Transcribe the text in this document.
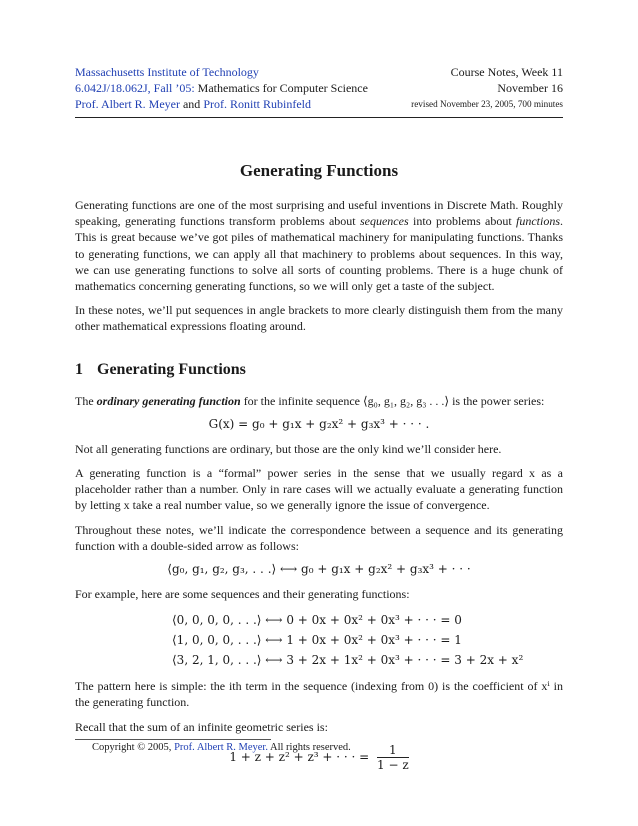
Massachusetts Institute of Technology
6.042J/18.062J, Fall ’05: Mathematics for Computer Science
Prof. Albert R. Meyer and Prof. Ronitt Rubinfeld
Course Notes, Week 11
November 16
revised November 23, 2005, 700 minutes
Generating Functions

Generating functions are one of the most surprising and useful inventions in Discrete Math. Roughly speaking, generating functions transform problems about sequences into problems about functions. This is great because we’ve got piles of mathematical machinery for manipulating functions. Thanks to generating functions, we can apply all that machinery to problems about sequences. In this way, we can use generating functions to solve all sorts of counting problems. There is a huge chunk of mathematics concerning generating functions, so we will only get a taste of the subject.

In these notes, we’ll put sequences in angle brackets to more clearly distinguish them from the many other mathematical expressions floating around.

1 Generating Functions

The ordinary generating function for the infinite sequence ⟨g₀, g₁, g₂, g₃ . . .⟩ is the power series:

G(x) = g₀ + g₁x + g₂x² + g₃x³ + · · · .

Not all generating functions are ordinary, but those are the only kind we’ll consider here.

A generating function is a “formal” power series in the sense that we usually regard x as a placeholder rather than a number. Only in rare cases will we actually evaluate a generating function by letting x take a real number value, so we generally ignore the issue of convergence.

Throughout these notes, we’ll indicate the correspondence between a sequence and its generating function with a double-sided arrow as follows:

⟨g₀, g₁, g₂, g₃, . . .⟩ ⟷ g₀ + g₁x + g₂x² + g₃x³ + · · ·

For example, here are some sequences and their generating functions:

⟨0, 0, 0, 0, . . .⟩ ⟷ 0 + 0x + 0x² + 0x³ + · · · = 0
⟨1, 0, 0, 0, . . .⟩ ⟷ 1 + 0x + 0x² + 0x³ + · · · = 1
⟨3, 2, 1, 0, . . .⟩ ⟷ 3 + 2x + 1x² + 0x³ + · · · = 3 + 2x + x²

The pattern here is simple: the ith term in the sequence (indexing from 0) is the coefficient of xⁱ in the generating function.

Recall that the sum of an infinite geometric series is:

1 + z + z² + z³ + · · · = $\frac{1}{1 - z}$
Copyright © 2005, Prof. Albert R. Meyer. All rights reserved.
